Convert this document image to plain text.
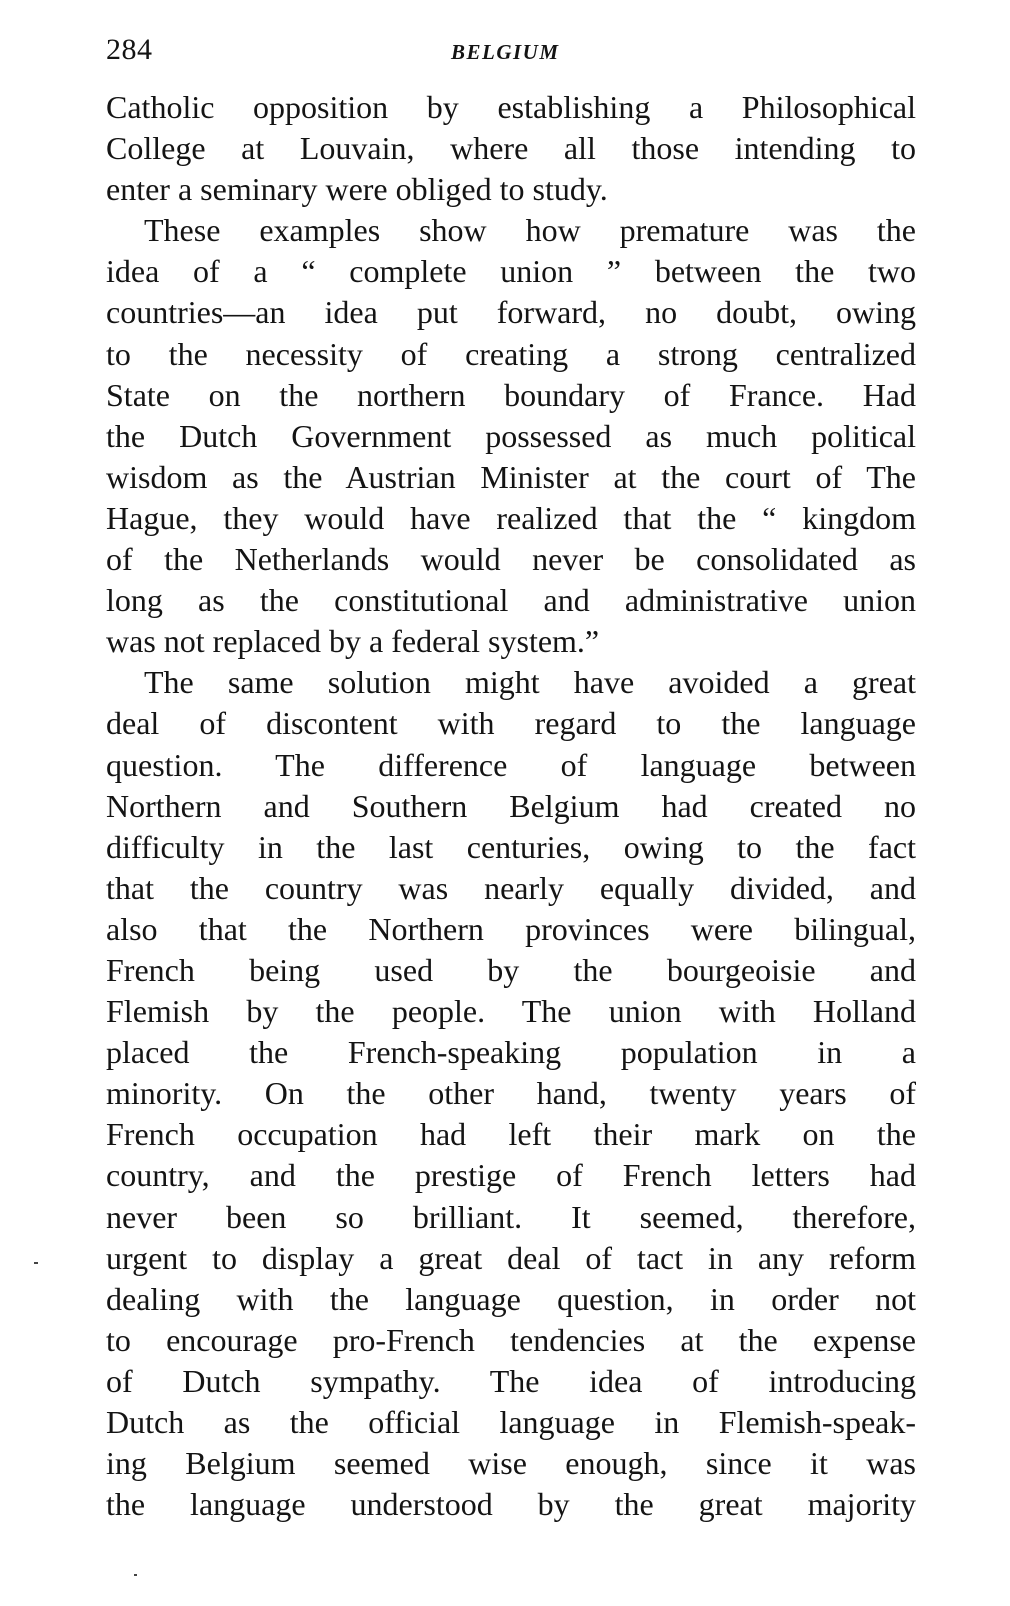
284	BELGIUM
Catholic opposition by establishing a Philosophical
College at Louvain, where all those intending to
enter a seminary were obliged to study.
These examples show how premature was the
idea of a “ complete union ” between the two
countries—an idea put forward, no doubt, owing
to the necessity of creating a strong centralized
State on the northern boundary of France. Had
the Dutch Government possessed as much political
wisdom as the Austrian Minister at the court of The
Hague, they would have realized that the “ kingdom
of the Netherlands would never be consolidated as
long as the constitutional and administrative union
was not replaced by a federal system.”
The same solution might have avoided a great
deal of discontent with regard to the language
question. The difference of language between
Northern and Southern Belgium had created no
difficulty in the last centuries, owing to the fact
that the country was nearly equally divided, and
also that the Northern provinces were bilingual,
French being used by the bourgeoisie and
Flemish by the people. The union with Holland
placed the French-speaking population in a
minority. On the other hand, twenty years of
French occupation had left their mark on the
country, and the prestige of French letters had
never been so brilliant. It seemed, therefore,
urgent to display a great deal of tact in any reform
dealing with the language question, in order not
to encourage pro-French tendencies at the expense
of Dutch sympathy. The idea of introducing
Dutch as the official language in Flemish-speak-
ing Belgium seemed wise enough, since it was
the language understood by the great majority
